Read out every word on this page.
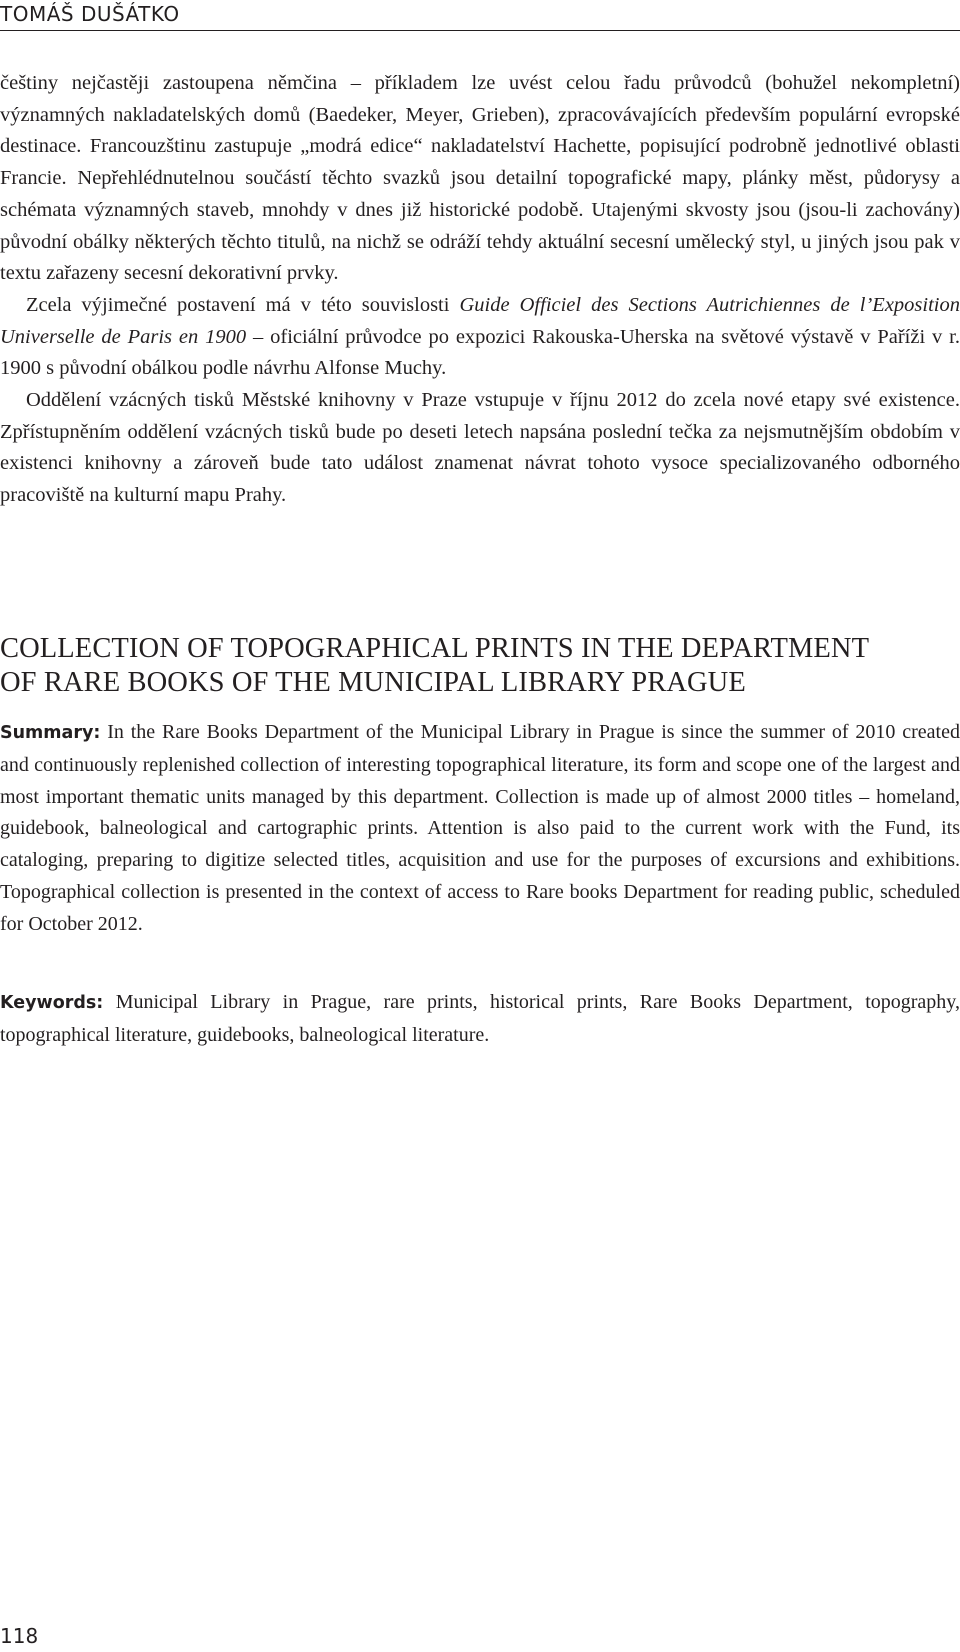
TOMÁŠ DUŠÁTKO

češtiny nejčastěji zastoupena němčina – příkladem lze uvést celou řadu průvodců (bohužel nekompletní) významných nakladatelských domů (Baedeker, Meyer, Grieben), zpracovávajících především populární evropské destinace. Francouzštinu zastupuje „modrá edice“ nakladatelství Hachette, popisující podrobně jednotlivé oblasti Francie. Nepřehlédnutelnou součástí těchto svazků jsou detailní topografické mapy, plánky měst, půdorysy a schémata významných staveb, mnohdy v dnes již historické podobě. Utajenými skvosty jsou (jsou-li zachovány) původní obálky některých těchto titulů, na nichž se odráží tehdy aktuální secesní umělecký styl, u jiných jsou pak v textu zařazeny secesní dekorativní prvky.

Zcela výjimečné postavení má v této souvislosti Guide Officiel des Sections Autrichiennes de l’Exposition Universelle de Paris en 1900 – oficiální průvodce po expozici Rakouska-Uherska na světové výstavě v Paříži v r. 1900 s původní obálkou podle návrhu Alfonse Muchy.

Oddělení vzácných tisků Městské knihovny v Praze vstupuje v říjnu 2012 do zcela nové etapy své existence. Zpřístupněním oddělení vzácných tisků bude po deseti letech napsána poslední tečka za nejsmutnějším obdobím v existenci knihovny a zároveň bude tato událost znamenat návrat tohoto vysoce specializovaného odborného pracoviště na kulturní mapu Prahy.

COLLECTION OF TOPOGRAPHICAL PRINTS IN THE DEPARTMENT
OF RARE BOOKS OF THE MUNICIPAL LIBRARY PRAGUE

Summary: In the Rare Books Department of the Municipal Library in Prague is since the summer of 2010 created and continuously replenished collection of interesting topographical literature, its form and scope one of the largest and most important thematic units managed by this department. Collection is made up of almost 2000 titles – homeland, guidebook, balneological and cartographic prints. Attention is also paid to the current work with the Fund, its cataloging, preparing to digitize selected titles, acquisition and use for the purposes of excursions and exhibitions. Topographical collection is presented in the context of access to Rare books Department for reading public, scheduled for October 2012.

Keywords: Municipal Library in Prague, rare prints, historical prints, Rare Books Department, topography, topographical literature, guidebooks, balneological literature.

118
